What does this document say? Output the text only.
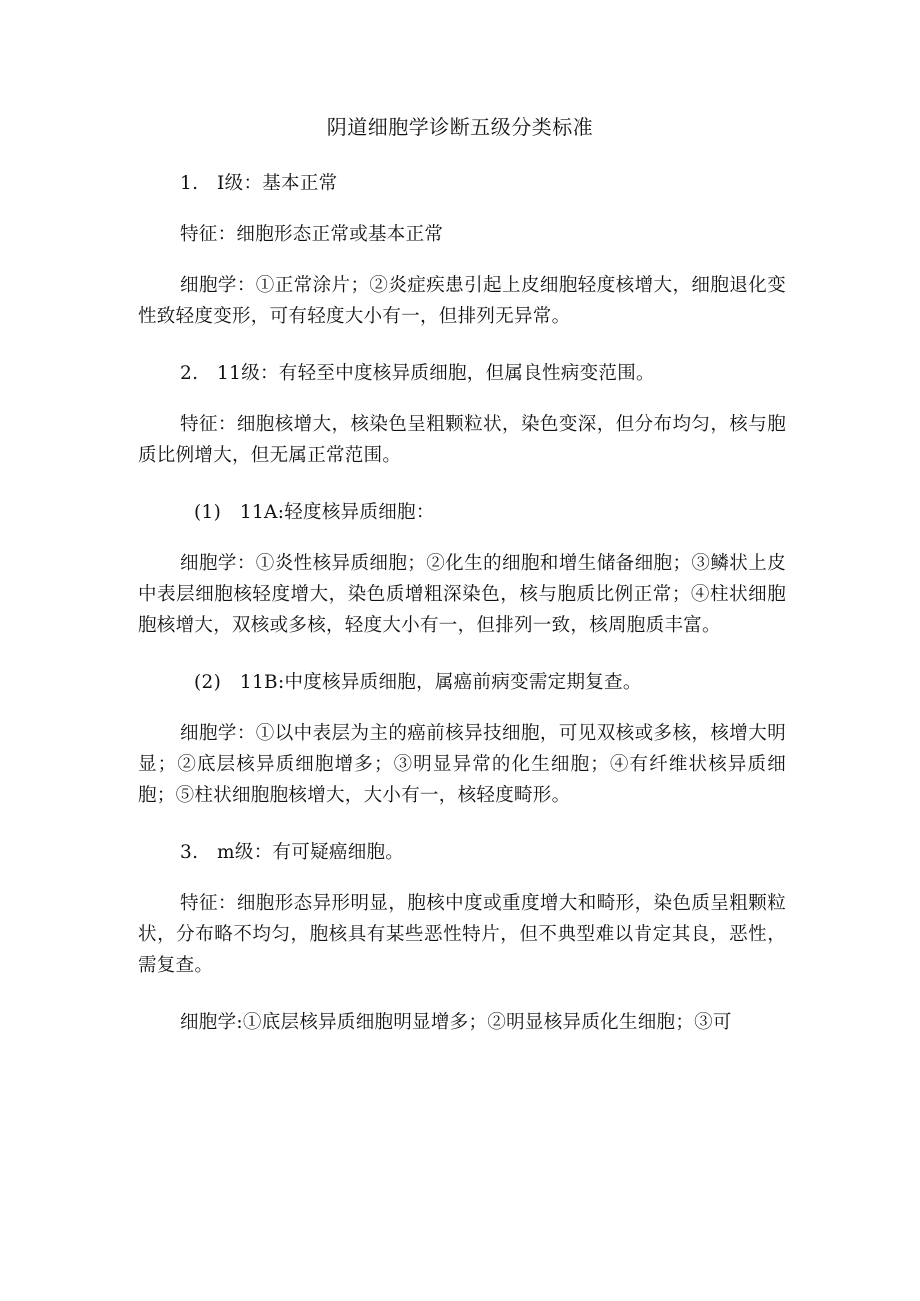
阴道细胞学诊断五级分类标准

1.　Ⅰ级：基本正常

特征：细胞形态正常或基本正常

细胞学：①正常涂片；②炎症疾患引起上皮细胞轻度核增大，细胞退化变性致轻度变形，可有轻度大小有一，但排列无异常。

2.　11级：有轻至中度核异质细胞，但属良性病变范围。

特征：细胞核增大，核染色呈粗颗粒状，染色变深，但分布均匀，核与胞质比例增大，但无属正常范围。

(1)　11A:轻度核异质细胞：

细胞学：①炎性核异质细胞；②化生的细胞和增生储备细胞；③鳞状上皮中表层细胞核轻度增大，染色质增粗深染色，核与胞质比例正常；④柱状细胞胞核增大，双核或多核，轻度大小有一，但排列一致，核周胞质丰富。

(2)　11B:中度核异质细胞，属癌前病变需定期复查。

细胞学：①以中表层为主的癌前核异技细胞，可见双核或多核，核增大明显；②底层核异质细胞增多；③明显异常的化生细胞；④有纤维状核异质细胞；⑤柱状细胞胞核增大，大小有一，核轻度畸形。

3.　m级：有可疑癌细胞。

特征：细胞形态异形明显，胞核中度或重度增大和畸形，染色质呈粗颗粒状，分布略不均匀，胞核具有某些恶性特片，但不典型难以肯定其良，恶性，需复查。

细胞学:①底层核异质细胞明显增多；②明显核异质化生细胞；③可
